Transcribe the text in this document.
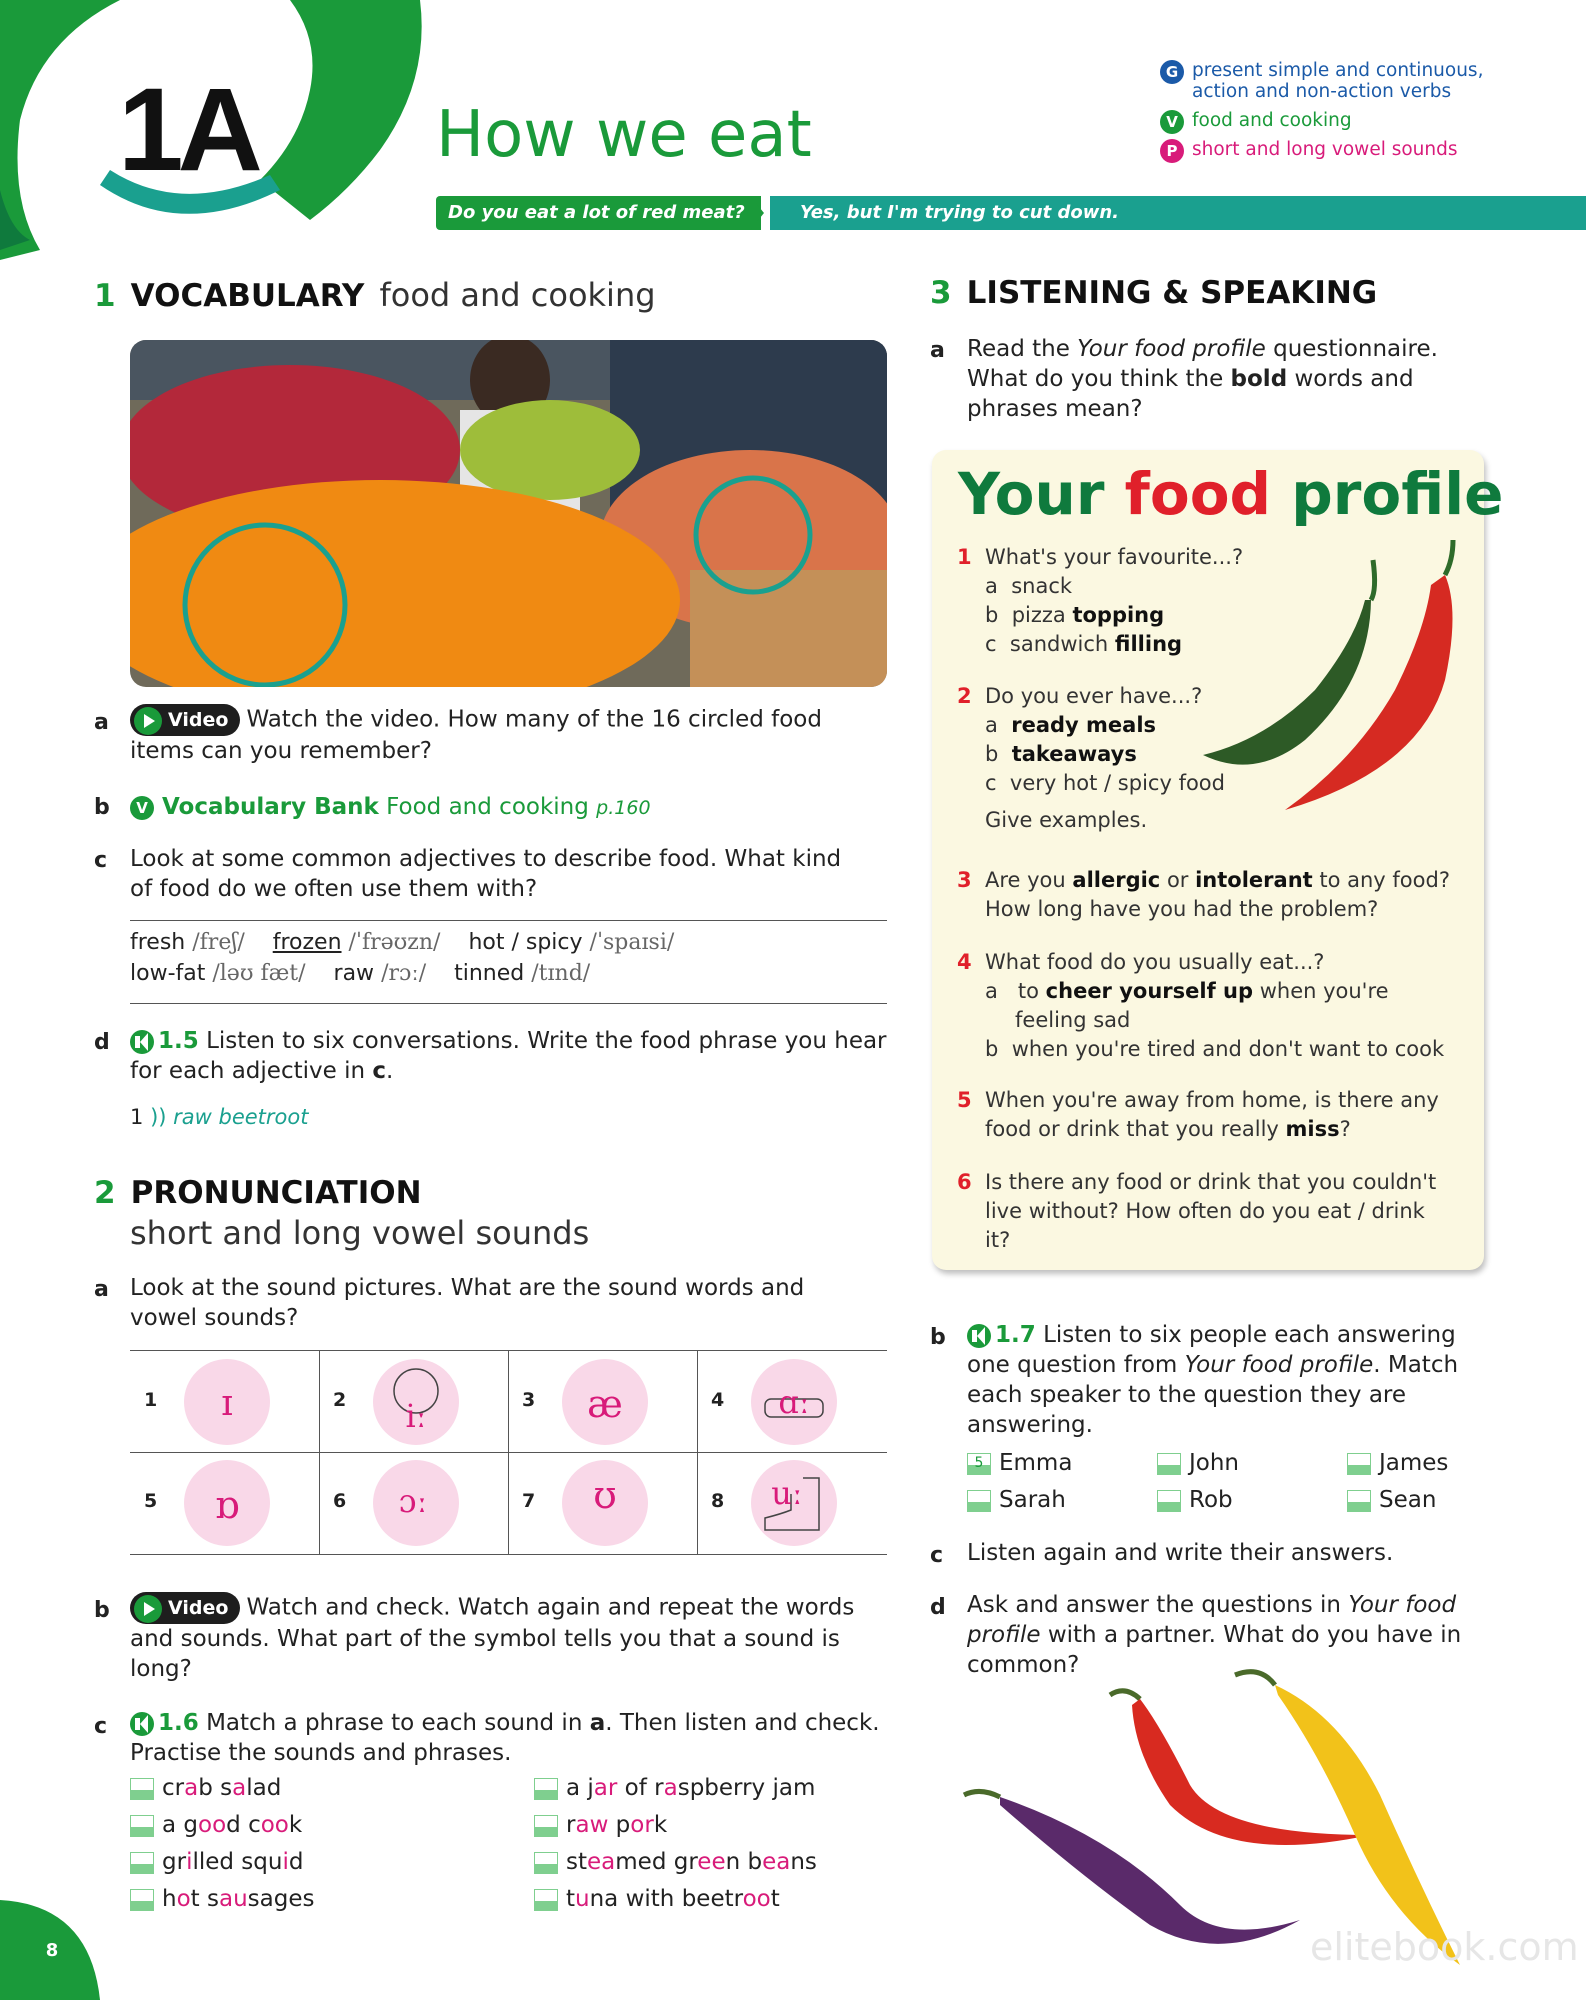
1A	How we eat
Do you eat a lot of red meat?	Yes, but I'm trying to cut down.
G present simple and continuous, action and non-action verbs
V food and cooking
P short and long vowel sounds
1 VOCABULARY food and cooking
a	Video Watch the video. How many of the 16 circled food items can you remember?
b	V Vocabulary Bank Food and cooking p.160
c Look at some common adjectives to describe food. What kind of food do we often use them with?
fresh /freʃ/ frozen /ˈfrəʊzn/ hot / spicy /ˈspaɪsi/
low-fat /ləʊ fæt/ raw /rɔː/ tinned /tɪnd/
d	1.5 Listen to six conversations. Write the food phrase you hear for each adjective in c.
1 )) raw beetroot
2 PRONUNCIATION
short and long vowel sounds
a Look at the sound pictures. What are the sound words and vowel sounds?
1 ɪ	2 iː	3 æ	4 ɑː
5 ɒ	6 ɔː	7 ʊ	8 uː
b	Video Watch and check. Watch again and repeat the words and sounds. What part of the symbol tells you that a sound is long?
c	1.6 Match a phrase to each sound in a. Then listen and check. Practise the sounds and phrases.
crab salad
a good cook
grilled squid
hot sausages
a jar of raspberry jam
raw pork
steamed green beans
tuna with beetroot
3 LISTENING & SPEAKING
a Read the Your food profile questionnaire. What do you think the bold words and phrases mean?
Your food profile
1 What's your favourite...?
a  snack
b  pizza topping
c  sandwich filling
2 Do you ever have...?
a  ready meals
b  takeaways
c  very hot / spicy food
Give examples.
3 Are you allergic or intolerant to any food? How long have you had the problem?
4 What food do you usually eat...?
a   to cheer yourself up when you're feeling sad
b  when you're tired and don't want to cook
5 When you're away from home, is there any food or drink that you really miss?
6 Is there any food or drink that you couldn't live without? How often do you eat / drink it?
b	1.7 Listen to six people each answering one question from Your food profile. Match each speaker to the question they are answering.
5 Emma	John	James
Sarah	Rob	Sean
c Listen again and write their answers.
d Ask and answer the questions in Your food profile with a partner. What do you have in common?
8	elitebook.com
